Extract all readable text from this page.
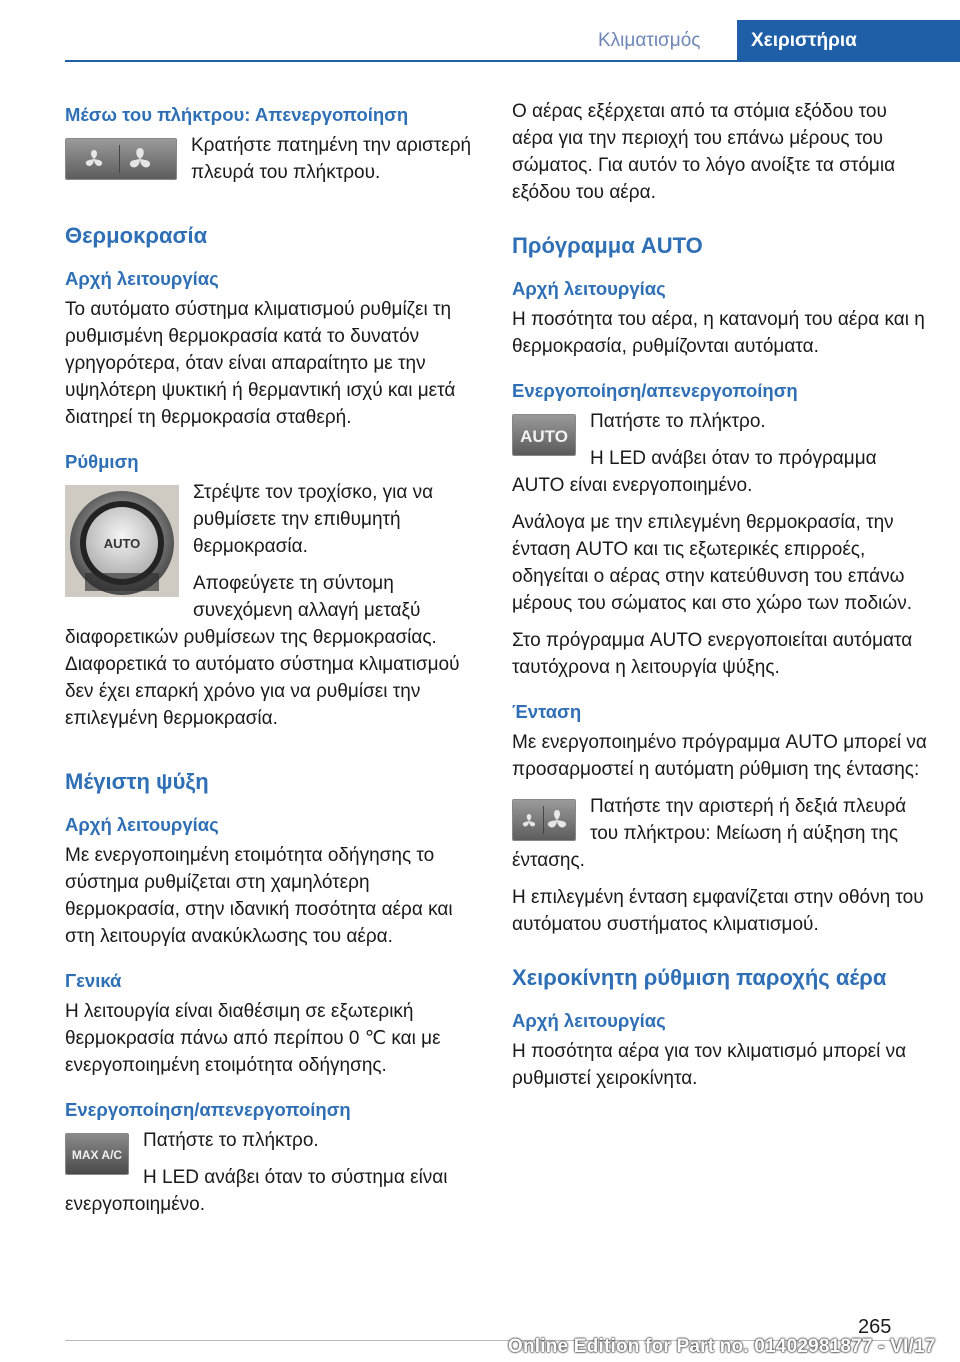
Κλιματισμός	Χειριστήρια
Μέσω του πλήκτρου: Απενεργοποίηση

Κρατήστε πατημένη την αριστερή πλευρά του πλήκτρου.

Θερμοκρασία
Αρχή λειτουργίας

Το αυτόματο σύστημα κλιματισμού ρυθμίζει τη ρυθμισμένη θερμοκρασία κατά το δυνατόν γρηγορότερα, όταν είναι απαραίτητο με την υψηλότερη ψυκτική ή θερμαντική ισχύ και μετά διατηρεί τη θερμοκρασία σταθερή.

Ρύθμιση
AUTO

Στρέψτε τον τροχίσκο, για να ρυθμίσετε την επιθυμητή θερμοκρασία.

Αποφεύγετε τη σύντομη συνεχόμενη αλλαγή μεταξύ διαφορετικών ρυθμίσεων της θερμοκρασίας. Διαφορετικά το αυτόματο σύστημα κλιματισμού δεν έχει επαρκή χρόνο για να ρυθμίσει την επιλεγμένη θερμοκρασία.

Μέγιστη ψύξη
Αρχή λειτουργίας

Με ενεργοποιημένη ετοιμότητα οδήγησης το σύστημα ρυθμίζεται στη χαμηλότερη θερμοκρασία, στην ιδανική ποσότητα αέρα και στη λειτουργία ανακύκλωσης του αέρα.

Γενικά

Η λειτουργία είναι διαθέσιμη σε εξωτερική θερμοκρασία πάνω από περίπου 0 ℃ και με ενεργοποιημένη ετοιμότητα οδήγησης.

Ενεργοποίηση/απενεργοποίηση
MAX A/C

Πατήστε το πλήκτρο.

Η LED ανάβει όταν το σύστημα είναι ενεργοποιημένο.

Ο αέρας εξέρχεται από τα στόμια εξόδου του αέρα για την περιοχή του επάνω μέρους του σώματος. Για αυτόν το λόγο ανοίξτε τα στόμια εξόδου του αέρα.

Πρόγραμμα AUTO
Αρχή λειτουργίας

Η ποσότητα του αέρα, η κατανομή του αέρα και η θερμοκρασία, ρυθμίζονται αυτόματα.

Ενεργοποίηση/απενεργοποίηση
AUTO

Πατήστε το πλήκτρο.

Η LED ανάβει όταν το πρόγραμμα AUTO είναι ενεργοποιημένο.

Ανάλογα με την επιλεγμένη θερμοκρασία, την ένταση AUTO και τις εξωτερικές επιρροές, οδηγείται ο αέρας στην κατεύθυνση του επάνω μέρους του σώματος και στο χώρο των ποδιών.

Στο πρόγραμμα AUTO ενεργοποιείται αυτόματα ταυτόχρονα η λειτουργία ψύξης.

Ένταση

Με ενεργοποιημένο πρόγραμμα AUTO μπορεί να προσαρμοστεί η αυτόματη ρύθμιση της έντασης:

Πατήστε την αριστερή ή δεξιά πλευρά του πλήκτρου: Μείωση ή αύξηση της έντασης.

Η επιλεγμένη ένταση εμφανίζεται στην οθόνη του αυτόματου συστήματος κλιματισμού.

Χειροκίνητη ρύθμιση παροχής αέρα
Αρχή λειτουργίας

Η ποσότητα αέρα για τον κλιματισμό μπορεί να ρυθμιστεί χειροκίνητα.

265
Online Edition for Part no. 01402981877 - VI/17
